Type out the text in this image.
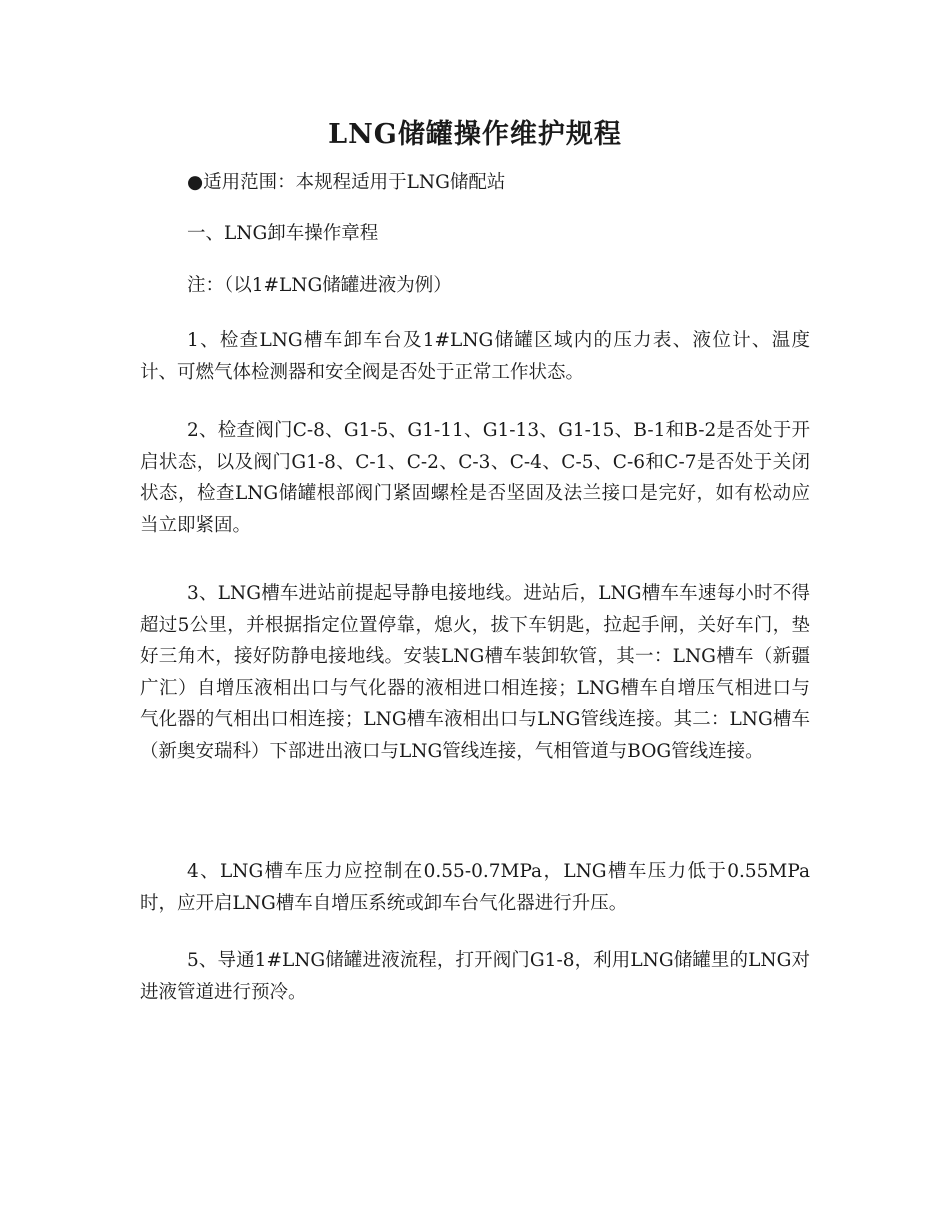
LNG储罐操作维护规程

●适用范围：本规程适用于LNG储配站

一、LNG卸车操作章程

注：（以1#LNG储罐进液为例）

1、检查LNG槽车卸车台及1#LNG储罐区域内的压力表、液位计、温度计、可燃气体检测器和安全阀是否处于正常工作状态。

2、检查阀门C-8、G1-5、G1-11、G1-13、G1-15、B-1和B-2是否处于开启状态，以及阀门G1-8、C-1、C-2、C-3、C-4、C-5、C-6和C-7是否处于关闭状态，检查LNG储罐根部阀门紧固螺栓是否坚固及法兰接口是完好，如有松动应当立即紧固。

3、LNG槽车进站前提起导静电接地线。进站后，LNG槽车车速每小时不得超过5公里，并根据指定位置停靠，熄火，拔下车钥匙，拉起手闸，关好车门，垫好三角木，接好防静电接地线。安装LNG槽车装卸软管，其一：LNG槽车（新疆广汇）自增压液相出口与气化器的液相进口相连接；LNG槽车自增压气相进口与气化器的气相出口相连接；LNG槽车液相出口与LNG管线连接。其二：LNG槽车（新奥安瑞科）下部进出液口与LNG管线连接，气相管道与BOG管线连接。

4、LNG槽车压力应控制在0.55-0.7MPa，LNG槽车压力低于0.55MPa时，应开启LNG槽车自增压系统或卸车台气化器进行升压。

5、导通1#LNG储罐进液流程，打开阀门G1-8，利用LNG储罐里的LNG对进液管道进行预冷。
